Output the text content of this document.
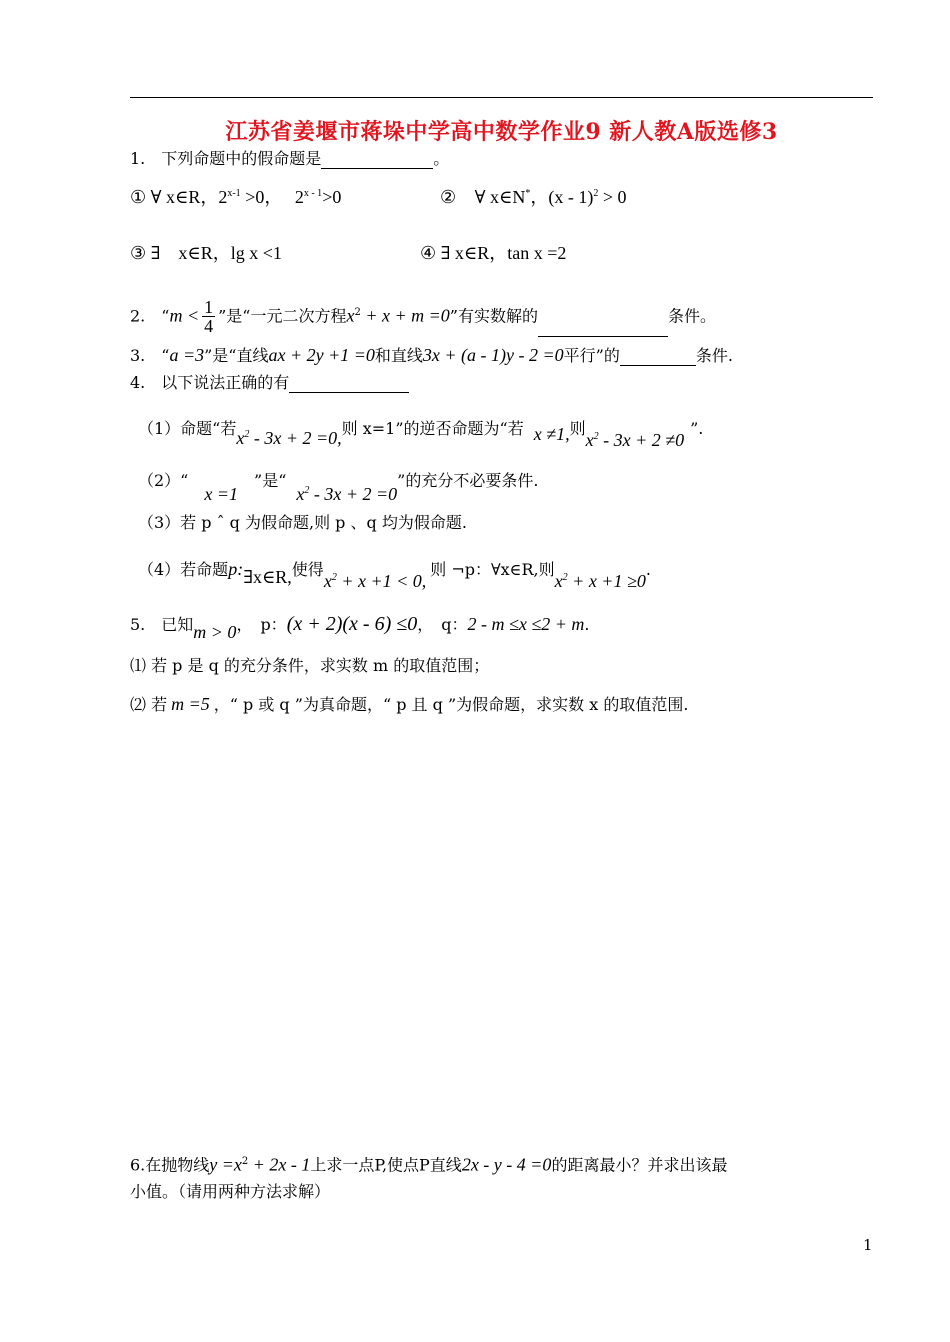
江苏省姜堰市蒋垛中学高中数学作业9 新人教A版选修3
1.　下列命题中的假命题是	。
① ∀ x∈R，$2^{x-1} >0$， $2^{x - 1}>0$	② ∀ x∈N*，(x - 1)$^2$ > 0
③ ∃　x∈R，lg x <1	④ ∃ x∈R，tan x =2
2.　“$m < \frac{1}{4}$ ”是“一元二次方程$x^2 + x + m =0$”有实数解的	条件。
3.　“a =3”是“直线ax + 2y +1 =0和直线3x + (a - 1)y - 2 =0平行”的	条件.
4.　以下说法正确的有
（1）命题“若$x^2 - 3x + 2 =0$,则 x=1”的逆否命题为“若 x ≠1,则$x^2 - 3x + 2 \ne 0$”.
（2）“x =1”是“$x^2 - 3x + 2 =0$”的充分不必要条件.
（3）若 p ˆ q 为假命题,则 p 、q 均为假命题.
（4）若命题p:∃x∈R,使得$x^2 + x +1 < 0$,则 ¬p：∀x∈R,则$x^2 + x +1 \ge 0$.
5.　已知m > 0，　p：(x + 2)(x - 6) ≤0，　q：2 - m ≤x ≤2 + m.
⑴ 若 p 是 q 的充分条件，求实数 m 的取值范围；
⑵ 若 m =5 ，“ p 或 q ”为真命题，“ p 且 q ”为假命题，求实数 x 的取值范围.
6.在抛物线$y =x^2 + 2x - 1$上求一点P,使点P直线2x - y - 4 =0的距离最小？并求出该最
小值。（请用两种方法求解）
1
